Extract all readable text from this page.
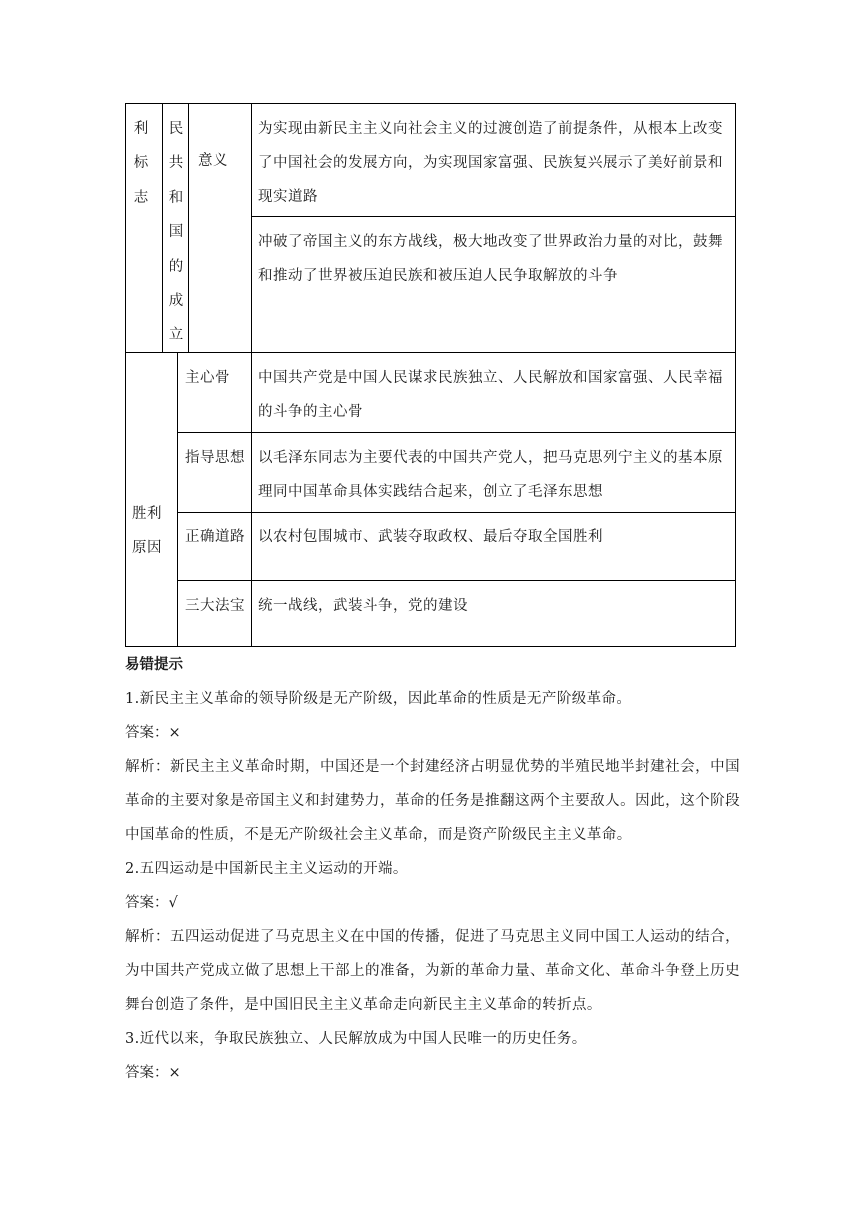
利
标
志
民
共
和
国
的
成
立
意义
为实现由新民主主义向社会主义的过渡创造了前提条件，从根本上改变了中国社会的发展方向，为实现国家富强、民族复兴展示了美好前景和现实道路
冲破了帝国主义的东方战线，极大地改变了世界政治力量的对比，鼓舞和推动了世界被压迫民族和被压迫人民争取解放的斗争
胜利原因
主心骨 中国共产党是中国人民谋求民族独立、人民解放和国家富强、人民幸福的斗争的主心骨
指导思想 以毛泽东同志为主要代表的中国共产党人，把马克思列宁主义的基本原理同中国革命具体实践结合起来，创立了毛泽东思想
正确道路 以农村包围城市、武装夺取政权、最后夺取全国胜利
三大法宝 统一战线，武装斗争，党的建设
易错提示
1.新民主主义革命的领导阶级是无产阶级，因此革命的性质是无产阶级革命。
答案：×
解析：新民主主义革命时期，中国还是一个封建经济占明显优势的半殖民地半封建社会，中国革命的主要对象是帝国主义和封建势力，革命的任务是推翻这两个主要敌人。因此，这个阶段中国革命的性质，不是无产阶级社会主义革命，而是资产阶级民主主义革命。
2.五四运动是中国新民主主义运动的开端。
答案：√
解析：五四运动促进了马克思主义在中国的传播，促进了马克思主义同中国工人运动的结合，为中国共产党成立做了思想上干部上的准备，为新的革命力量、革命文化、革命斗争登上历史舞台创造了条件，是中国旧民主主义革命走向新民主主义革命的转折点。
3.近代以来，争取民族独立、人民解放成为中国人民唯一的历史任务。
答案：×
